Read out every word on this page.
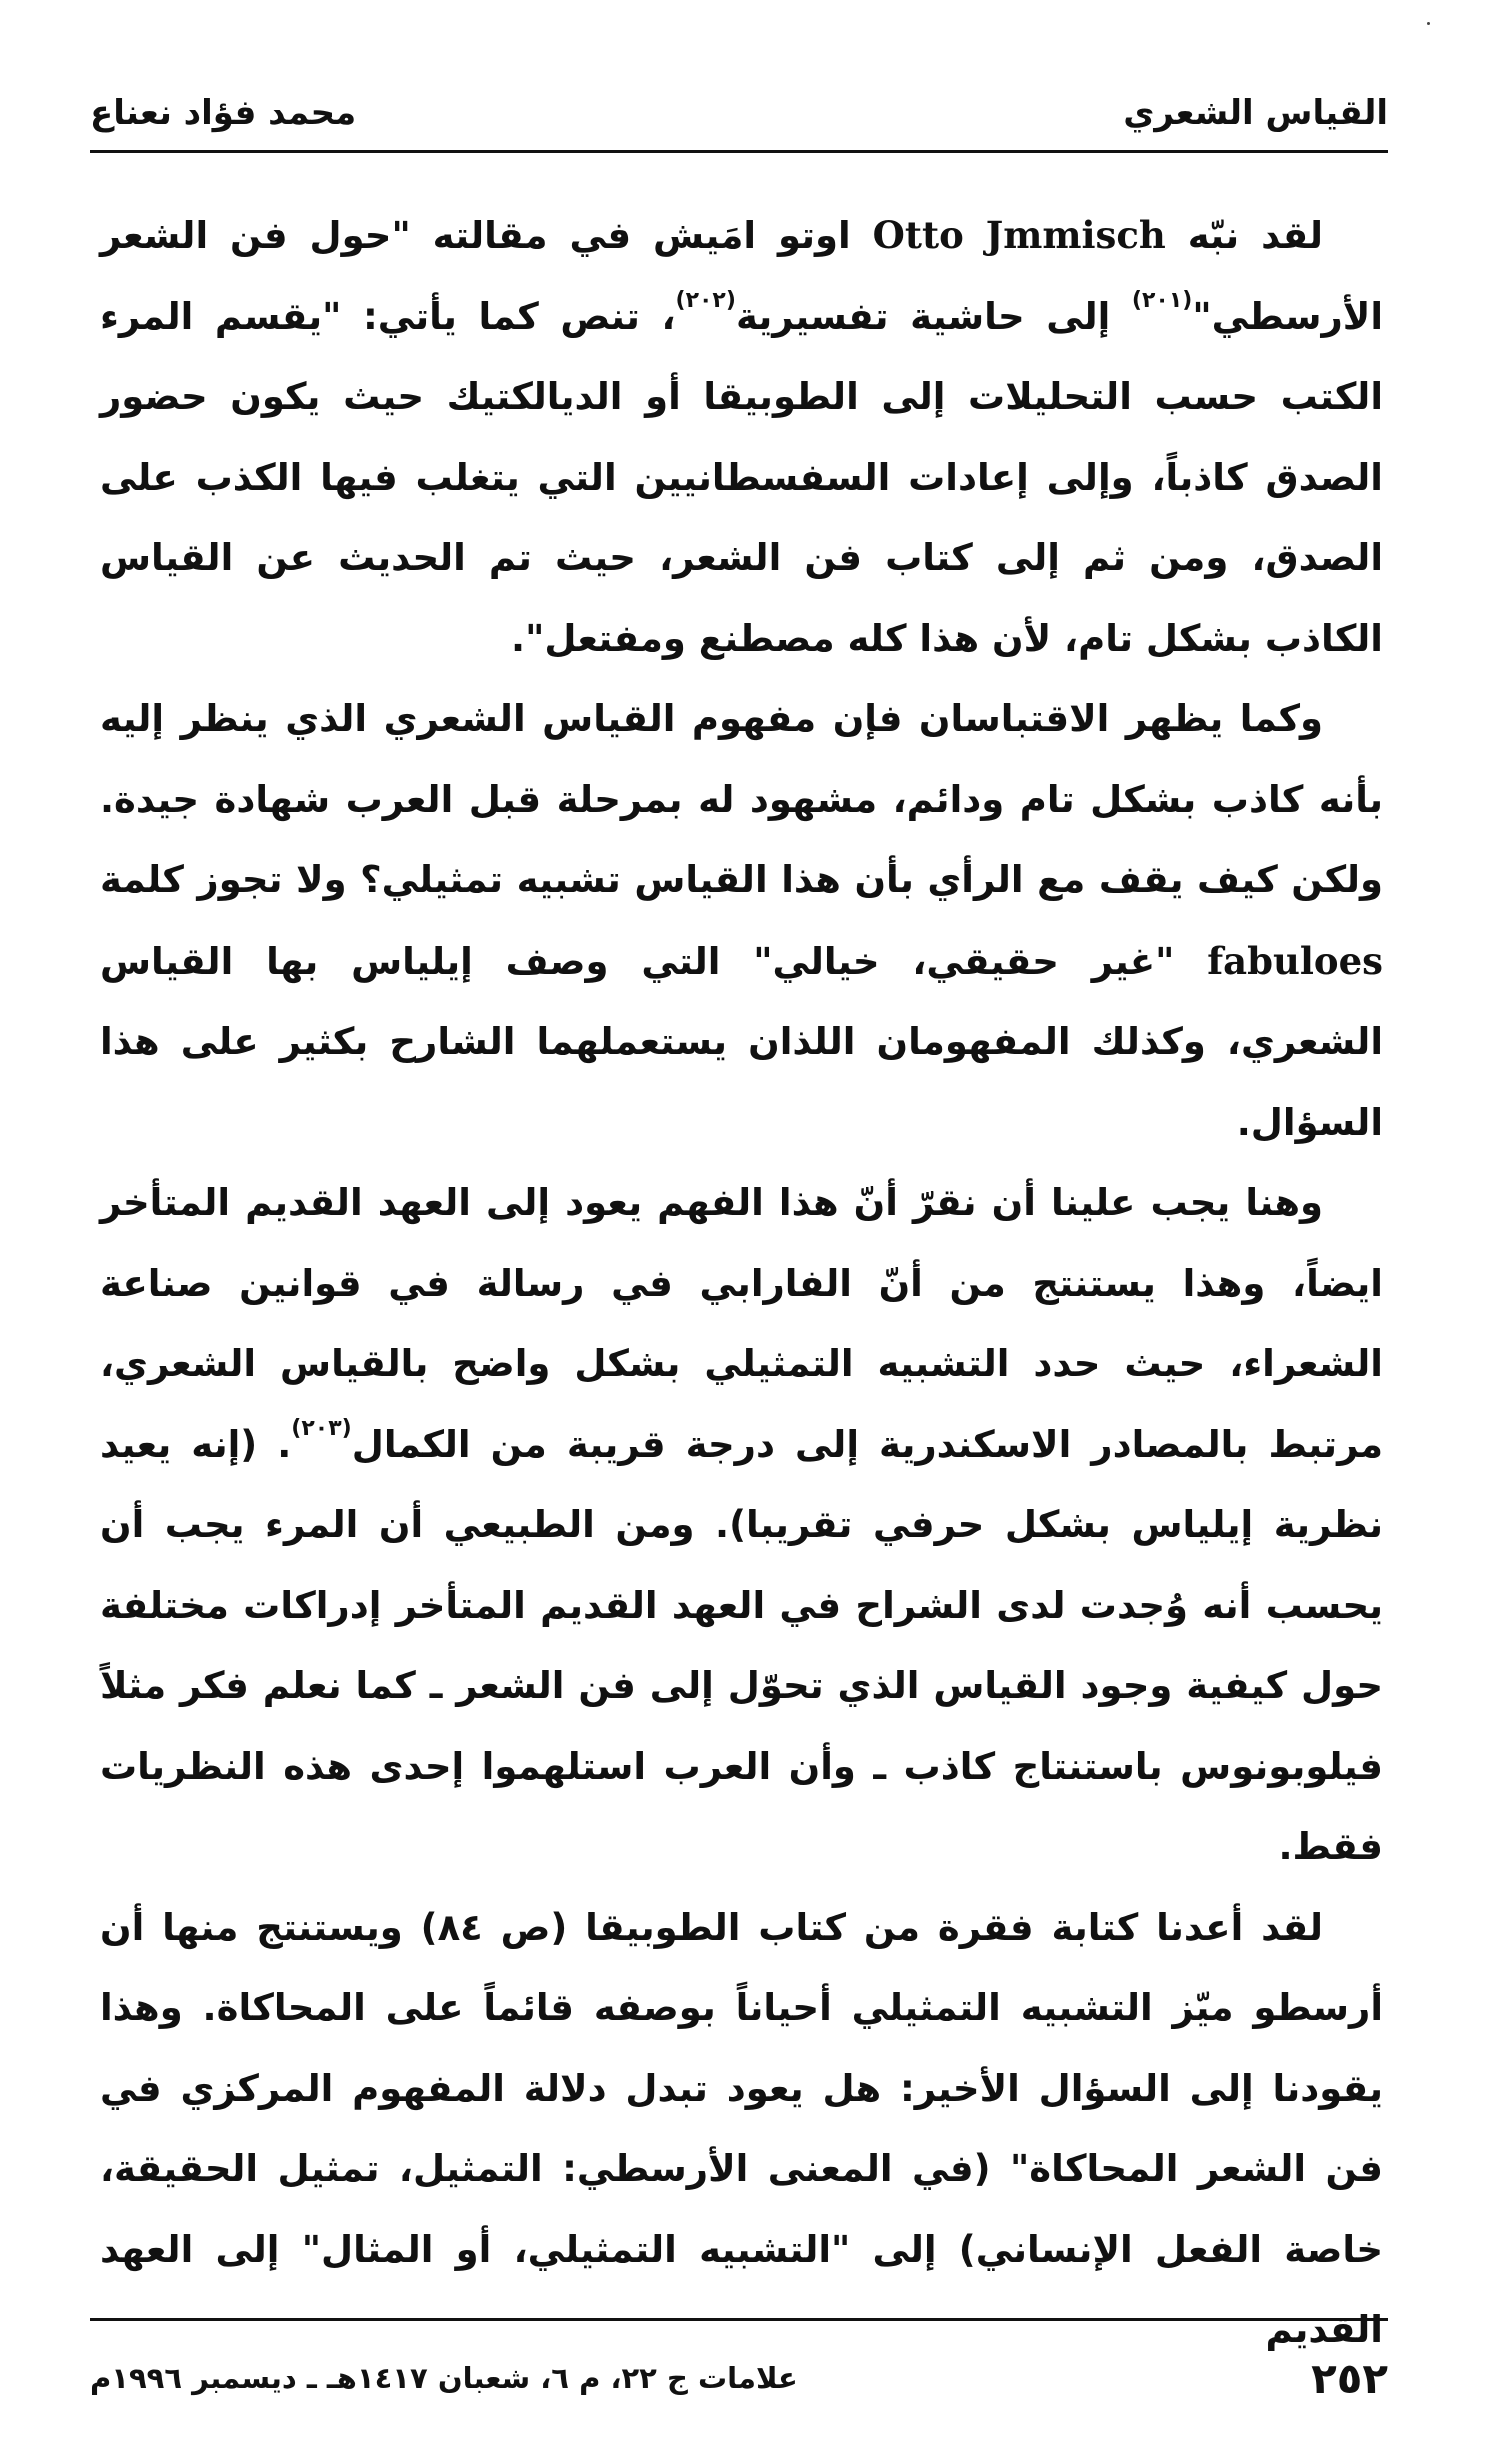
القياس الشعري
محمد فؤاد نعناع

لقد نبّه Otto Jmmisch اوتو امَيش في مقالته "حول فن الشعر الأرسطي"$^{(٢٠١)}$ إلى حاشية تفسيرية$^{(٢٠٢)}$، تنص كما يأتي: "يقسم المرء الكتب حسب التحليلات إلى الطوبيقا أو الديالكتيك حيث يكون حضور الصدق كاذباً، وإلى إعادات السفسطانيين التي يتغلب فيها الكذب على الصدق، ومن ثم إلى كتاب فن الشعر، حيث تم الحديث عن القياس الكاذب بشكل تام، لأن هذا كله مصطنع ومفتعل".

وكما يظهر الاقتباسان فإن مفهوم القياس الشعري الذي ينظر إليه بأنه كاذب بشكل تام ودائم، مشهود له بمرحلة قبل العرب شهادة جيدة. ولكن كيف يقف مع الرأي بأن هذا القياس تشبيه تمثيلي؟ ولا تجوز كلمة fabuloes "غير حقيقي، خيالي" التي وصف إيلياس بها القياس الشعري، وكذلك المفهومان اللذان يستعملهما الشارح بكثير على هذا السؤال.

وهنا يجب علينا أن نقرّ أنّ هذا الفهم يعود إلى العهد القديم المتأخر ايضاً، وهذا يستنتج من أنّ الفارابي في رسالة في قوانين صناعة الشعراء، حيث حدد التشبيه التمثيلي بشكل واضح بالقياس الشعري، مرتبط بالمصادر الاسكندرية إلى درجة قريبة من الكمال$^{(٢٠٣)}$. (إنه يعيد نظرية إيلياس بشكل حرفي تقريبا). ومن الطبيعي أن المرء يجب أن يحسب أنه وُجدت لدى الشراح في العهد القديم المتأخر إدراكات مختلفة حول كيفية وجود القياس الذي تحوّل إلى فن الشعر ـ كما نعلم فكر مثلاً فيلوبونوس باستنتاج كاذب ـ وأن العرب استلهموا إحدى هذه النظريات فقط.

لقد أعدنا كتابة فقرة من كتاب الطوبيقا (ص ٨٤) ويستنتج منها أن أرسطو ميّز التشبيه التمثيلي أحياناً بوصفه قائماً على المحاكاة. وهذا يقودنا إلى السؤال الأخير: هل يعود تبدل دلالة المفهوم المركزي في فن الشعر المحاكاة" (في المعنى الأرسطي: التمثيل، تمثيل الحقيقة، خاصة الفعل الإنساني) إلى "التشبيه التمثيلي، أو المثال" إلى العهد القديم

٢٥٢
علامات ج ٢٢، م ٦، شعبان ١٤١٧هـ ـ ديسمبر ١٩٩٦م
